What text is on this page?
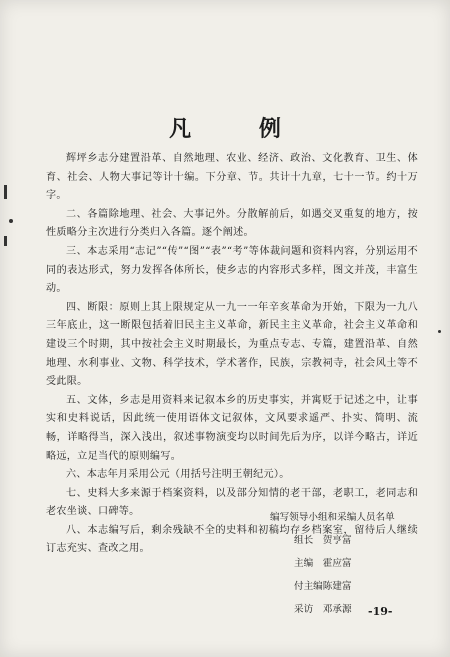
凡 例

辉坪乡志分建置沿革、自然地理、农业、经济、政治、文化教育、卫生、体育、社会、人物大事记等计十编。下分章、节。共计十九章，七十一节。约十万字。

二、各篇除地理、社会、大事记外。分散解前后，如遇交叉重复的地方，按性质略分主次进行分类归入各篇。逐个阐述。

三、本志采用“志记”“传”“图”“表”“考”等体裁问题和资料内容，分别运用不同的表达形式，努力发挥各体所长，使乡志的内容形式多样，图文并茂，丰富生动。

四、断限：原则上其上限规定从一九一一年辛亥革命为开始，下限为一九八三年底止，这一断限包括着旧民主主义革命，新民主主义革命，社会主义革命和建设三个时期，其中按社会主义时期最长，为重点专志、专篇，建置沿革、自然地理、水利事业、文物、科学技术，学术著作，民族，宗教祠寺，社会风土等不受此限。

五、文体，乡志是用资料来记叙本乡的历史事实，并寓贬于记述之中，让事实和史料说话，因此统一使用语体文记叙体，文风要求遥严、扑实、简明、流畅，详略得当，深入浅出，叙述事物演变均以时间先后为序，以详今略古，详近略远，立足当代的原则编写。

六、本志年月采用公元（用括号注明王朝纪元）。

七、史料大多来源于档案资料，以及部分知情的老干部，老职工，老同志和老农坐谈、口碑等。

八、本志编写后，剩余残缺不全的史料和初稿均存乡档案室，留待后人继续订志充实、查改之用。

编写领导小组和采编人员名单
组长　贺亨富
主编　霍应富
付主编陈建富
采访　邓承源	-19-
